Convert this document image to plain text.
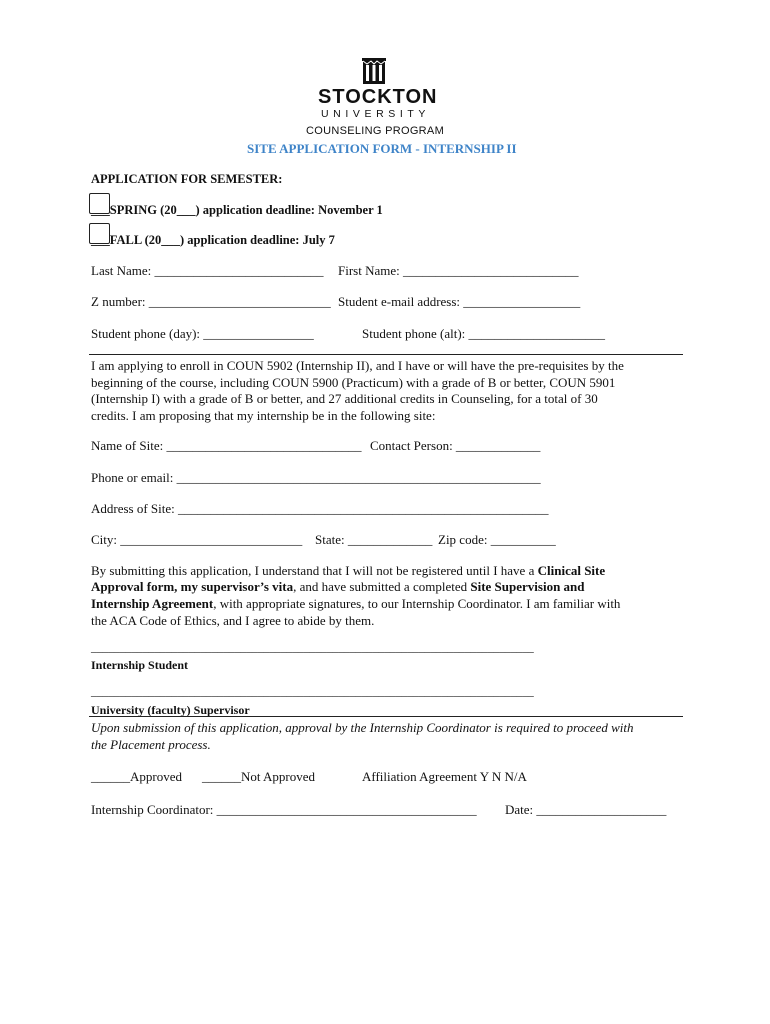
STOCKTON
UNIVERSITY
COUNSELING PROGRAM
SITE APPLICATION FORM - INTERNSHIP II
APPLICATION FOR SEMESTER:
___SPRING (20___) application deadline: November 1
___FALL (20___) application deadline: July 7
Last Name: __________________________ First Name: ___________________________
Z number: ____________________________ Student e-mail address: __________________
Student phone (day): _________________	Student phone (alt): _____________________
I am applying to enroll in COUN 5902 (Internship II), and I have or will have the pre-requisites by the
beginning of the course, including COUN 5900 (Practicum) with a grade of B or better, COUN 5901
(Internship I) with a grade of B or better, and 27 additional credits in Counseling, for a total of 30
credits. I am proposing that my internship be in the following site:
Name of Site: ______________________________ Contact Person: _____________
Phone or email: ________________________________________________________
Address of Site: _________________________________________________________
City: ____________________________ State: _____________ Zip code: __________
By submitting this application, I understand that I will not be registered until I have a Clinical Site
Approval form, my supervisor’s vita, and have submitted a completed Site Supervision and
Internship Agreement, with appropriate signatures, to our Internship Coordinator. I am familiar with
the ACA Code of Ethics, and I agree to abide by them.
_____________________________________________________________________________
Internship Student
_____________________________________________________________________________
University (faculty) Supervisor
Upon submission of this application, approval by the Internship Coordinator is required to proceed with
the Placement process.
______Approved ______Not Approved	Affiliation Agreement Y N N/A
Internship Coordinator: ________________________________________ Date: ____________________
